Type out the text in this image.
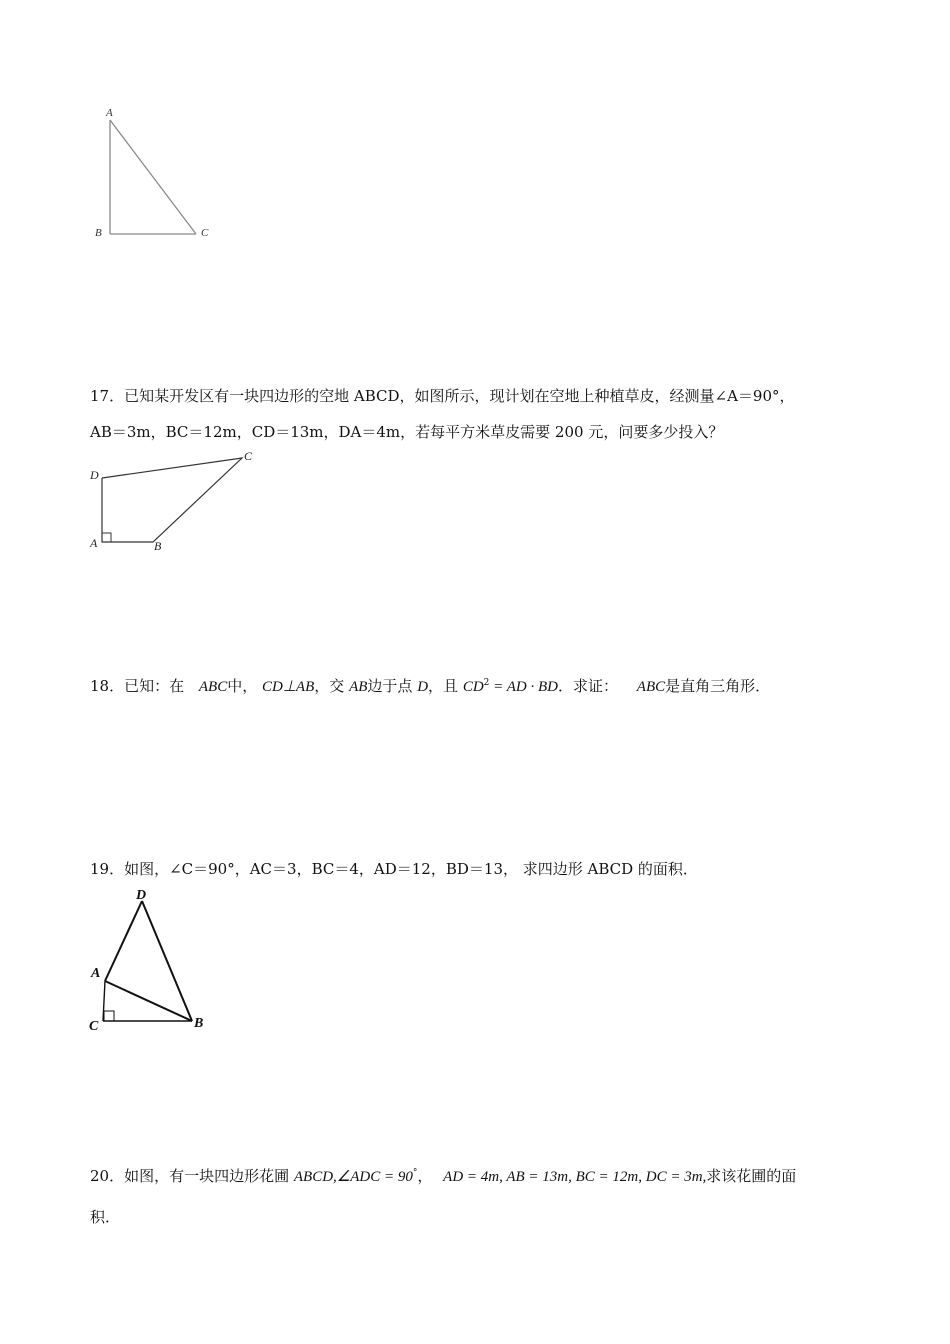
A
B	C
17．已知某开发区有一块四边形的空地 ABCD，如图所示，现计划在空地上种植草皮，经测量∠A＝90°，
AB＝3m，BC＝12m，CD＝13m，DA＝4m，若每平方米草皮需要 200 元，问要多少投入？
D
A	B
C
18．已知：在 ABC中， CD⊥AB，交 AB边于点 D，且 $CD^2$ = AD · BD．求证： ABC是直角三角形．
19．如图，∠C＝90°，AC＝3，BC＝4，AD＝12，BD＝13， 求四边形 ABCD 的面积．
D
A
C	B
20．如图，有一块四边形花圃 ABCD,∠ADC = 90°， AD = 4m, AB = 13m, BC = 12m, DC = 3m,求该花圃的面
积．
